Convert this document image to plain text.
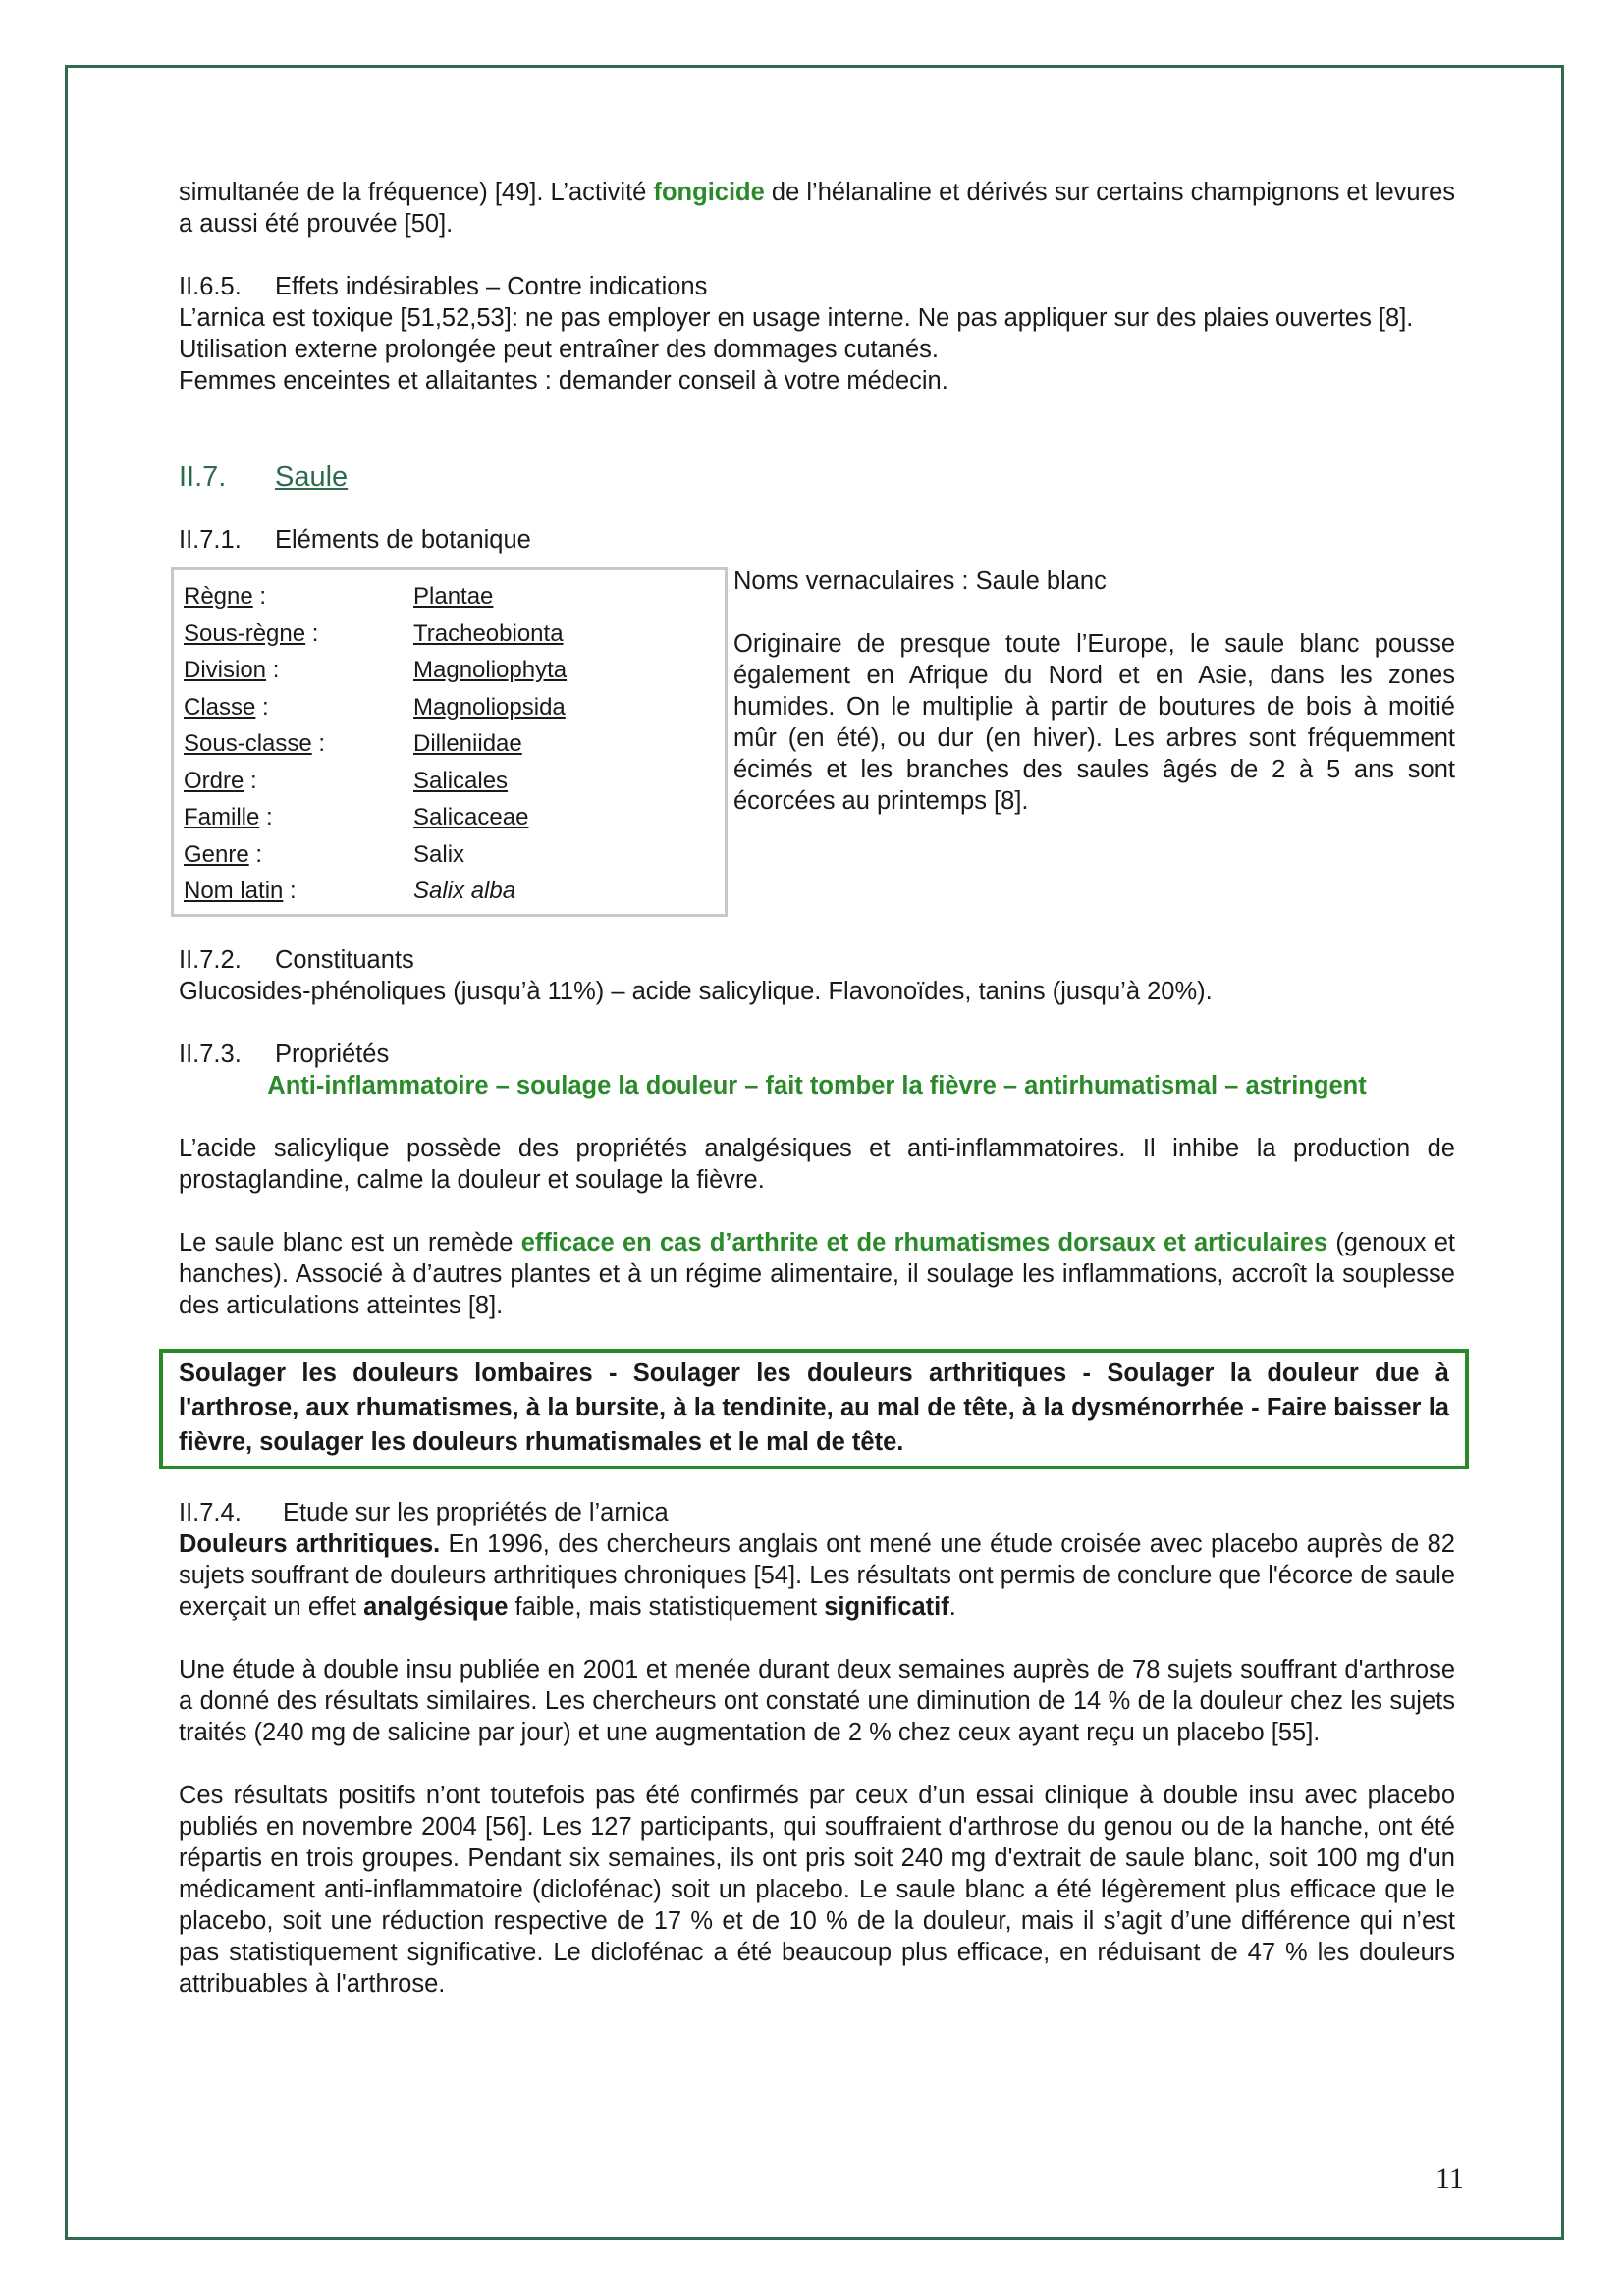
simultanée de la fréquence) [49]. L’activité fongicide de l’hélanaline et dérivés sur certains champignons et levures a aussi été prouvée [50].

II.6.5. Effets indésirables – Contre indications

L’arnica est toxique [51,52,53]: ne pas employer en usage interne. Ne pas appliquer sur des plaies ouvertes [8].

Utilisation externe prolongée peut entraîner des dommages cutanés.

Femmes enceintes et allaitantes : demander conseil à votre médecin.

II.7. Saule

II.7.1. Eléments de botanique

Règne :	Plantae
Sous-règne :	Tracheobionta
Division :	Magnoliophyta
Classe :	Magnoliopsida
Sous-classe :	Dilleniidae
Ordre :	Salicales
Famille :	Salicaceae
Genre :	Salix
Nom latin :	Salix alba

Noms vernaculaires : Saule blanc

Originaire de presque toute l’Europe, le saule blanc pousse également en Afrique du Nord et en Asie, dans les zones humides. On le multiplie à partir de boutures de bois à moitié mûr (en été), ou dur (en hiver). Les arbres sont fréquemment écimés et les branches des saules âgés de 2 à 5 ans sont écorcées au printemps [8].

II.7.2. Constituants

Glucosides-phénoliques (jusqu’à 11%) – acide salicylique. Flavonoïdes, tanins (jusqu’à 20%).

II.7.3. Propriétés

Anti-inflammatoire – soulage la douleur – fait tomber la fièvre – antirhumatismal – astringent

L’acide salicylique possède des propriétés analgésiques et anti-inflammatoires. Il inhibe la production de prostaglandine, calme la douleur et soulage la fièvre.

Le saule blanc est un remède efficace en cas d’arthrite et de rhumatismes dorsaux et articulaires (genoux et hanches). Associé à d’autres plantes et à un régime alimentaire, il soulage les inflammations, accroît la souplesse des articulations atteintes [8].

Soulager les douleurs lombaires - Soulager les douleurs arthritiques - Soulager la douleur due à l'arthrose, aux rhumatismes, à la bursite, à la tendinite, au mal de tête, à la dysménorrhée - Faire baisser la fièvre, soulager les douleurs rhumatismales et le mal de tête.

II.7.4. Etude sur les propriétés de l’arnica

Douleurs arthritiques. En 1996, des chercheurs anglais ont mené une étude croisée avec placebo auprès de 82 sujets souffrant de douleurs arthritiques chroniques [54]. Les résultats ont permis de conclure que l'écorce de saule exerçait un effet analgésique faible, mais statistiquement significatif.

Une étude à double insu publiée en 2001 et menée durant deux semaines auprès de 78 sujets souffrant d'arthrose a donné des résultats similaires. Les chercheurs ont constaté une diminution de 14 % de la douleur chez les sujets traités (240 mg de salicine par jour) et une augmentation de 2 % chez ceux ayant reçu un placebo [55].

Ces résultats positifs n’ont toutefois pas été confirmés par ceux d’un essai clinique à double insu avec placebo publiés en novembre 2004 [56]. Les 127 participants, qui souffraient d'arthrose du genou ou de la hanche, ont été répartis en trois groupes. Pendant six semaines, ils ont pris soit 240 mg d'extrait de saule blanc, soit 100 mg d'un médicament anti-inflammatoire (diclofénac) soit un placebo. Le saule blanc a été légèrement plus efficace que le placebo, soit une réduction respective de 17 % et de 10 % de la douleur, mais il s’agit d’une différence qui n’est pas statistiquement significative. Le diclofénac a été beaucoup plus efficace, en réduisant de 47 % les douleurs attribuables à l'arthrose.

11
